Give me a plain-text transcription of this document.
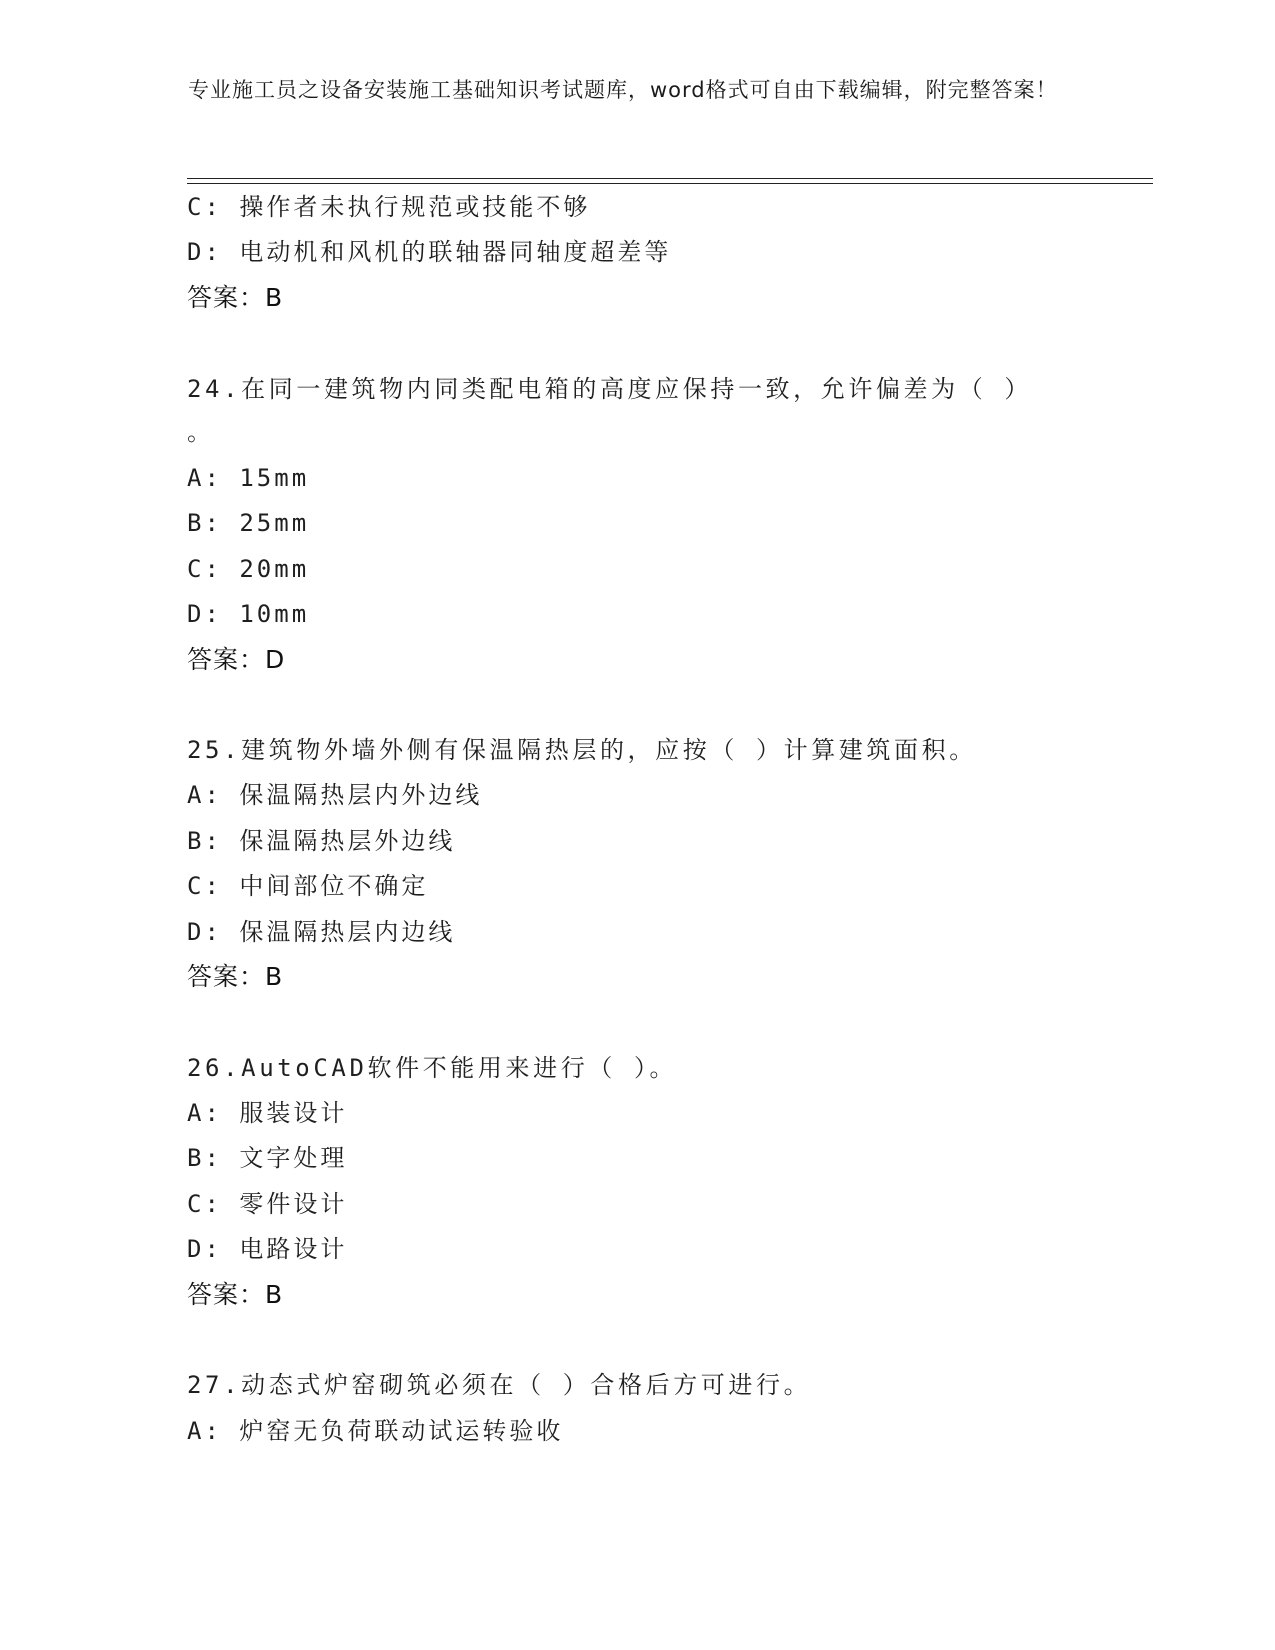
专业施工员之设备安装施工基础知识考试题库，word格式可自由下载编辑，附完整答案！
C: 操作者未执行规范或技能不够
D: 电动机和风机的联轴器同轴度超差等
答案：B
24.在同一建筑物内同类配电箱的高度应保持一致，允许偏差为（ ）
。
A: 15mm
B: 25mm
C: 20mm
D: 10mm
答案：D
25.建筑物外墙外侧有保温隔热层的，应按（ ）计算建筑面积。
A: 保温隔热层内外边线
B: 保温隔热层外边线
C: 中间部位不确定
D: 保温隔热层内边线
答案：B
26.AutoCAD软件不能用来进行（ ）。
A: 服装设计
B: 文字处理
C: 零件设计
D: 电路设计
答案：B
27.动态式炉窑砌筑必须在（ ）合格后方可进行。
A: 炉窑无负荷联动试运转验收
